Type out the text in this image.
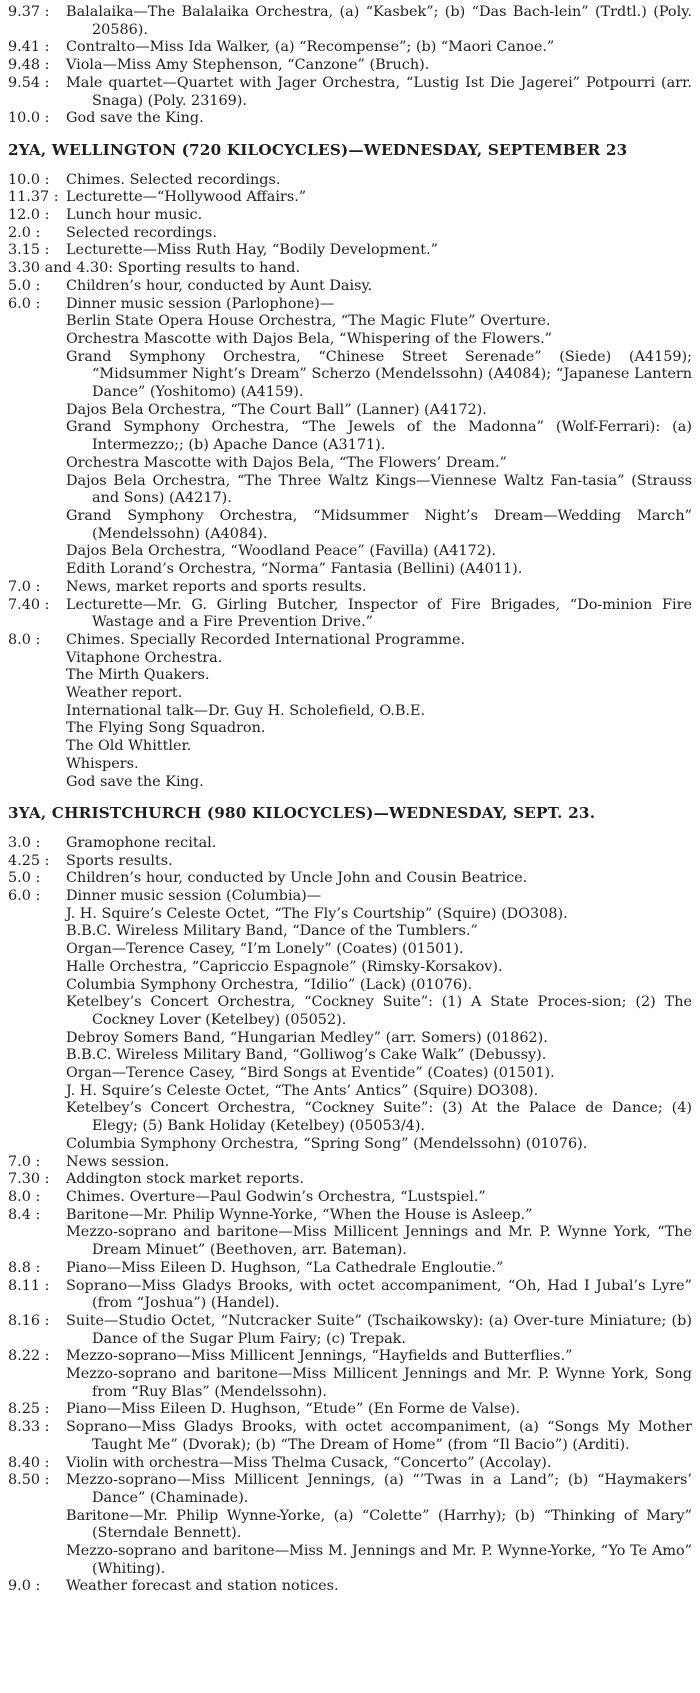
9.37 :	Balalaika—The Balalaika Orchestra, (a) “Kasbek”; (b) “Das Bach-lein” (Trdtl.) (Poly. 20586).
9.41 :	Contralto—Miss Ida Walker, (a) “Recompense”; (b) “Maori Canoe.”
9.48 :	Viola—Miss Amy Stephenson, “Canzone” (Bruch).
9.54 :	Male quartet—Quartet with Jager Orchestra, “Lustig Ist Die Jagerei” Potpourri (arr. Snaga) (Poly. 23169).
10.0 :	God save the King.
2YA, WELLINGTON (720 KILOCYCLES)—WEDNESDAY, SEPTEMBER 23
10.0 :	Chimes. Selected recordings.
11.37 : Lecturette—“Hollywood Affairs.”
12.0 :	Lunch hour music.
2.0 :	Selected recordings.
3.15 :	Lecturette—Miss Ruth Hay, “Bodily Development.”
3.30 and 4.30: Sporting results to hand.
5.0 :	Children’s hour, conducted by Aunt Daisy.
6.0 :	Dinner music session (Parlophone)—
Berlin State Opera House Orchestra, “The Magic Flute” Overture.
Orchestra Mascotte with Dajos Bela, “Whispering of the Flowers.”
Grand Symphony Orchestra, “Chinese Street Serenade” (Siede) (A4159); “Midsummer Night’s Dream” Scherzo (Mendelssohn) (A4084); “Japanese Lantern Dance” (Yoshitomo) (A4159).
Dajos Bela Orchestra, “The Court Ball” (Lanner) (A4172).
Grand Symphony Orchestra, “The Jewels of the Madonna” (Wolf-Ferrari): (a) Intermezzo;; (b) Apache Dance (A3171).
Orchestra Mascotte with Dajos Bela, “The Flowers’ Dream.”
Dajos Bela Orchestra, “The Three Waltz Kings—Viennese Waltz Fan-tasia” (Strauss and Sons) (A4217).
Grand Symphony Orchestra, “Midsummer Night’s Dream—Wedding March” (Mendelssohn) (A4084).
Dajos Bela Orchestra, “Woodland Peace” (Favilla) (A4172).
Edith Lorand’s Orchestra, “Norma” Fantasia (Bellini) (A4011).
7.0 :	News, market reports and sports results.
7.40 :	Lecturette—Mr. G. Girling Butcher, Inspector of Fire Brigades, “Do-minion Fire Wastage and a Fire Prevention Drive.”
8.0 :	Chimes. Specially Recorded International Programme.
Vitaphone Orchestra.
The Mirth Quakers.
Weather report.
International talk—Dr. Guy H. Scholefield, O.B.E.
The Flying Song Squadron.
The Old Whittler.
Whispers.
God save the King.
3YA, CHRISTCHURCH (980 KILOCYCLES)—WEDNESDAY, SEPT. 23.
3.0 :	Gramophone recital.
4.25 :	Sports results.
5.0 :	Children’s hour, conducted by Uncle John and Cousin Beatrice.
6.0 :	Dinner music session (Columbia)—
J. H. Squire’s Celeste Octet, “The Fly’s Courtship” (Squire) (DO308).
B.B.C. Wireless Military Band, “Dance of the Tumblers.”
Organ—Terence Casey, “I’m Lonely” (Coates) (01501).
Halle Orchestra, “Capriccio Espagnole” (Rimsky-Korsakov).
Columbia Symphony Orchestra, “Idilio” (Lack) (01076).
Ketelbey’s Concert Orchestra, “Cockney Suite”: (1) A State Proces-sion; (2) The Cockney Lover (Ketelbey) (05052).
Debroy Somers Band, “Hungarian Medley” (arr. Somers) (01862).
B.B.C. Wireless Military Band, “Golliwog’s Cake Walk” (Debussy).
Organ—Terence Casey, “Bird Songs at Eventide” (Coates) (01501).
J. H. Squire’s Celeste Octet, “The Ants’ Antics” (Squire) DO308).
Ketelbey’s Concert Orchestra, “Cockney Suite”: (3) At the Palace de Dance; (4) Elegy; (5) Bank Holiday (Ketelbey) (05053/4).
Columbia Symphony Orchestra, “Spring Song” (Mendelssohn) (01076).
7.0 :	News session.
7.30 :	Addington stock market reports.
8.0 :	Chimes. Overture—Paul Godwin’s Orchestra, “Lustspiel.”
8.4 :	Baritone—Mr. Philip Wynne-Yorke, “When the House is Asleep.”
Mezzo-soprano and baritone—Miss Millicent Jennings and Mr. P. Wynne York, “The Dream Minuet” (Beethoven, arr. Bateman).
8.8 :	Piano—Miss Eileen D. Hughson, “La Cathedrale Engloutie.”
8.11 :	Soprano—Miss Gladys Brooks, with octet accompaniment, “Oh, Had I Jubal’s Lyre” (from “Joshua”) (Handel).
8.16 :	Suite—Studio Octet, “Nutcracker Suite” (Tschaikowsky): (a) Over-ture Miniature; (b) Dance of the Sugar Plum Fairy; (c) Trepak.
8.22 :	Mezzo-soprano—Miss Millicent Jennings, “Hayfields and Butterflies.”
Mezzo-soprano and baritone—Miss Millicent Jennings and Mr. P. Wynne York, Song from “Ruy Blas” (Mendelssohn).
8.25 :	Piano—Miss Eileen D. Hughson, “Etude” (En Forme de Valse).
8.33 :	Soprano—Miss Gladys Brooks, with octet accompaniment, (a) “Songs My Mother Taught Me” (Dvorak); (b) “The Dream of Home” (from “Il Bacio”) (Arditi).
8.40 :	Violin with orchestra—Miss Thelma Cusack, “Concerto” (Accolay).
8.50 :	Mezzo-soprano—Miss Millicent Jennings, (a) “’Twas in a Land”; (b) “Haymakers’ Dance” (Chaminade).
Baritone—Mr. Philip Wynne-Yorke, (a) “Colette” (Harrhy); (b) “Thinking of Mary” (Sterndale Bennett).
Mezzo-soprano and baritone—Miss M. Jennings and Mr. P. Wynne-Yorke, “Yo Te Amo” (Whiting).
9.0 :	Weather forecast and station notices.
